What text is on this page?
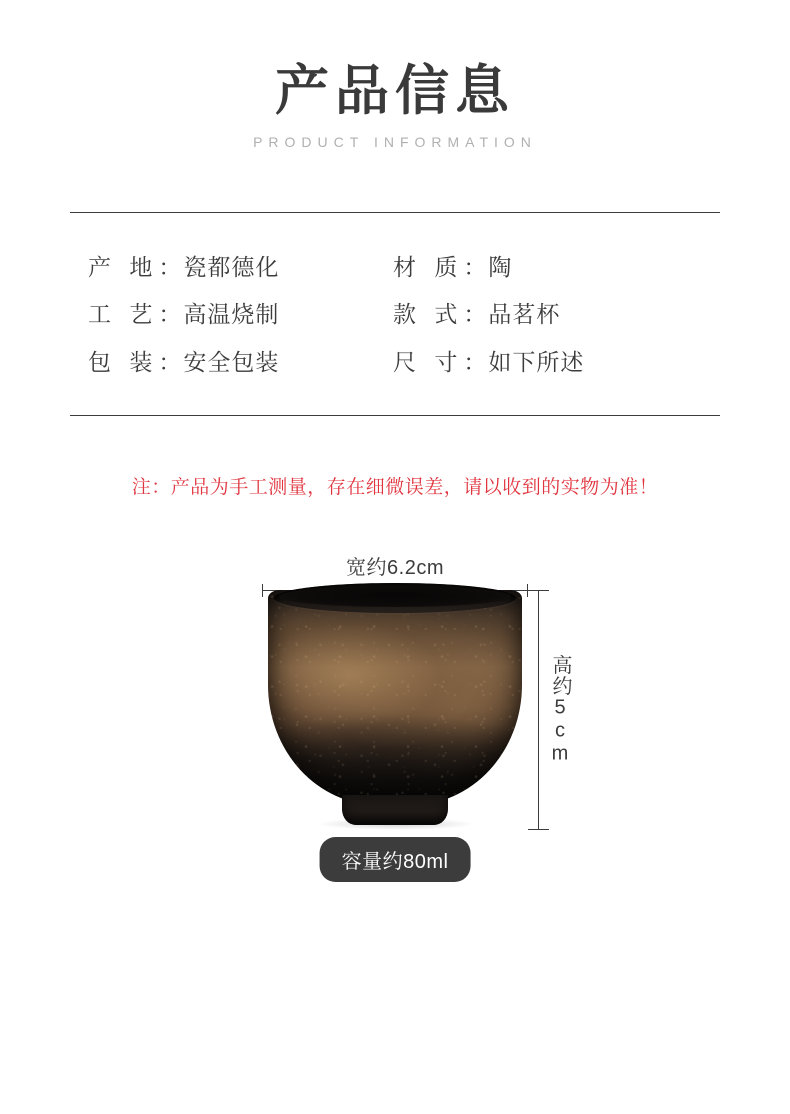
产品信息
PRODUCT INFORMATION
产 地 ： 瓷都德化
工 艺 ： 高温烧制
包 装 ： 安全包装
材 质 ： 陶
款 式 ： 品茗杯
尺 寸 ： 如下所述
注：产品为手工测量，存在细微误差，请以收到的实物为准！
宽约6.2cm
高约5cm
容量约80ml
